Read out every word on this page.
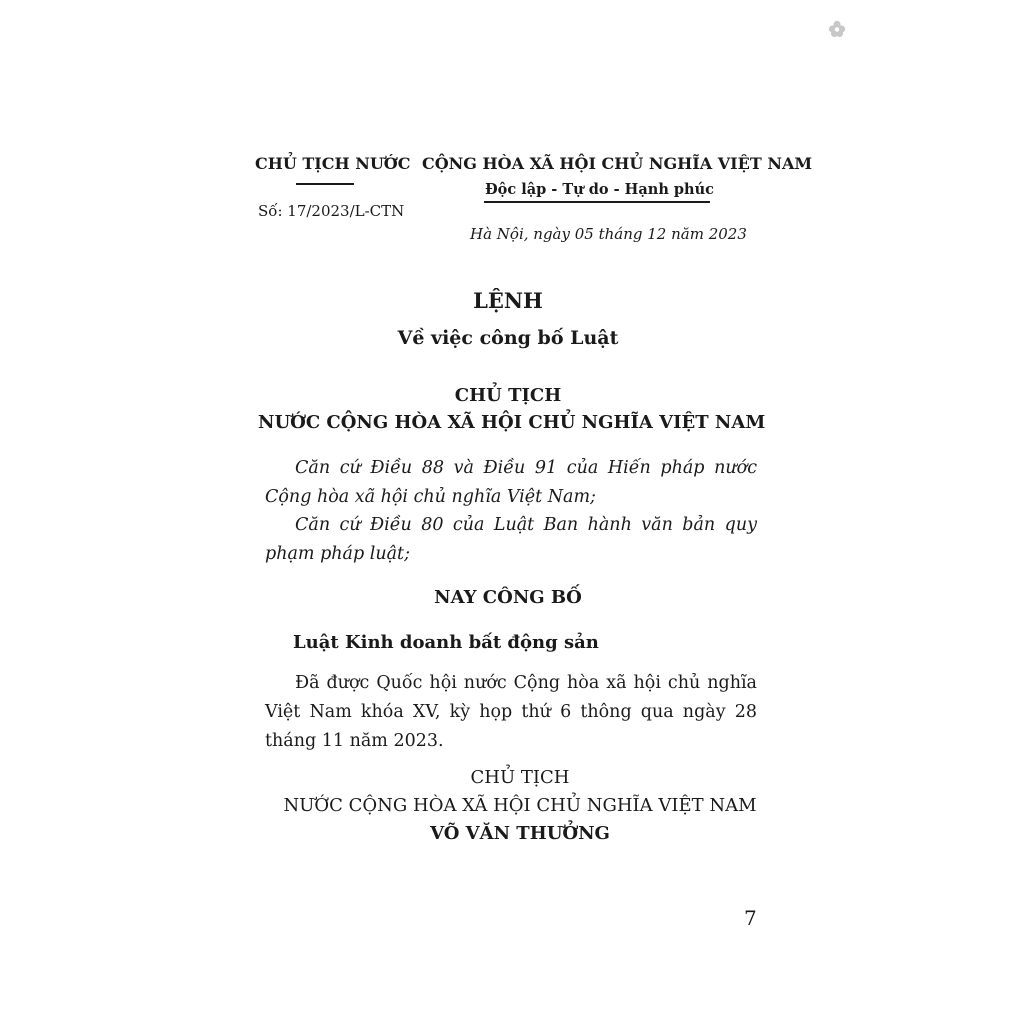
CHỦ TỊCH NƯỚC
Số: 17/2023/L-CTN
CỘNG HÒA XÃ HỘI CHỦ NGHĨA VIỆT NAM
Độc lập - Tự do - Hạnh phúc
Hà Nội, ngày 05 tháng 12 năm 2023
LỆNH
Về việc công bố Luật
CHỦ TỊCH
NƯỚC CỘNG HÒA XÃ HỘI CHỦ NGHĨA VIỆT NAM

Căn cứ Điều 88 và Điều 91 của Hiến pháp nước Cộng hòa xã hội chủ nghĩa Việt Nam;

Căn cứ Điều 80 của Luật Ban hành văn bản quy phạm pháp luật;

NAY CÔNG BỐ
Luật Kinh doanh bất động sản

Đã được Quốc hội nước Cộng hòa xã hội chủ nghĩa Việt Nam khóa XV, kỳ họp thứ 6 thông qua ngày 28 tháng 11 năm 2023.

CHỦ TỊCH
NƯỚC CỘNG HÒA XÃ HỘI CHỦ NGHĨA VIỆT NAM
VÕ VĂN THƯỞNG
7
